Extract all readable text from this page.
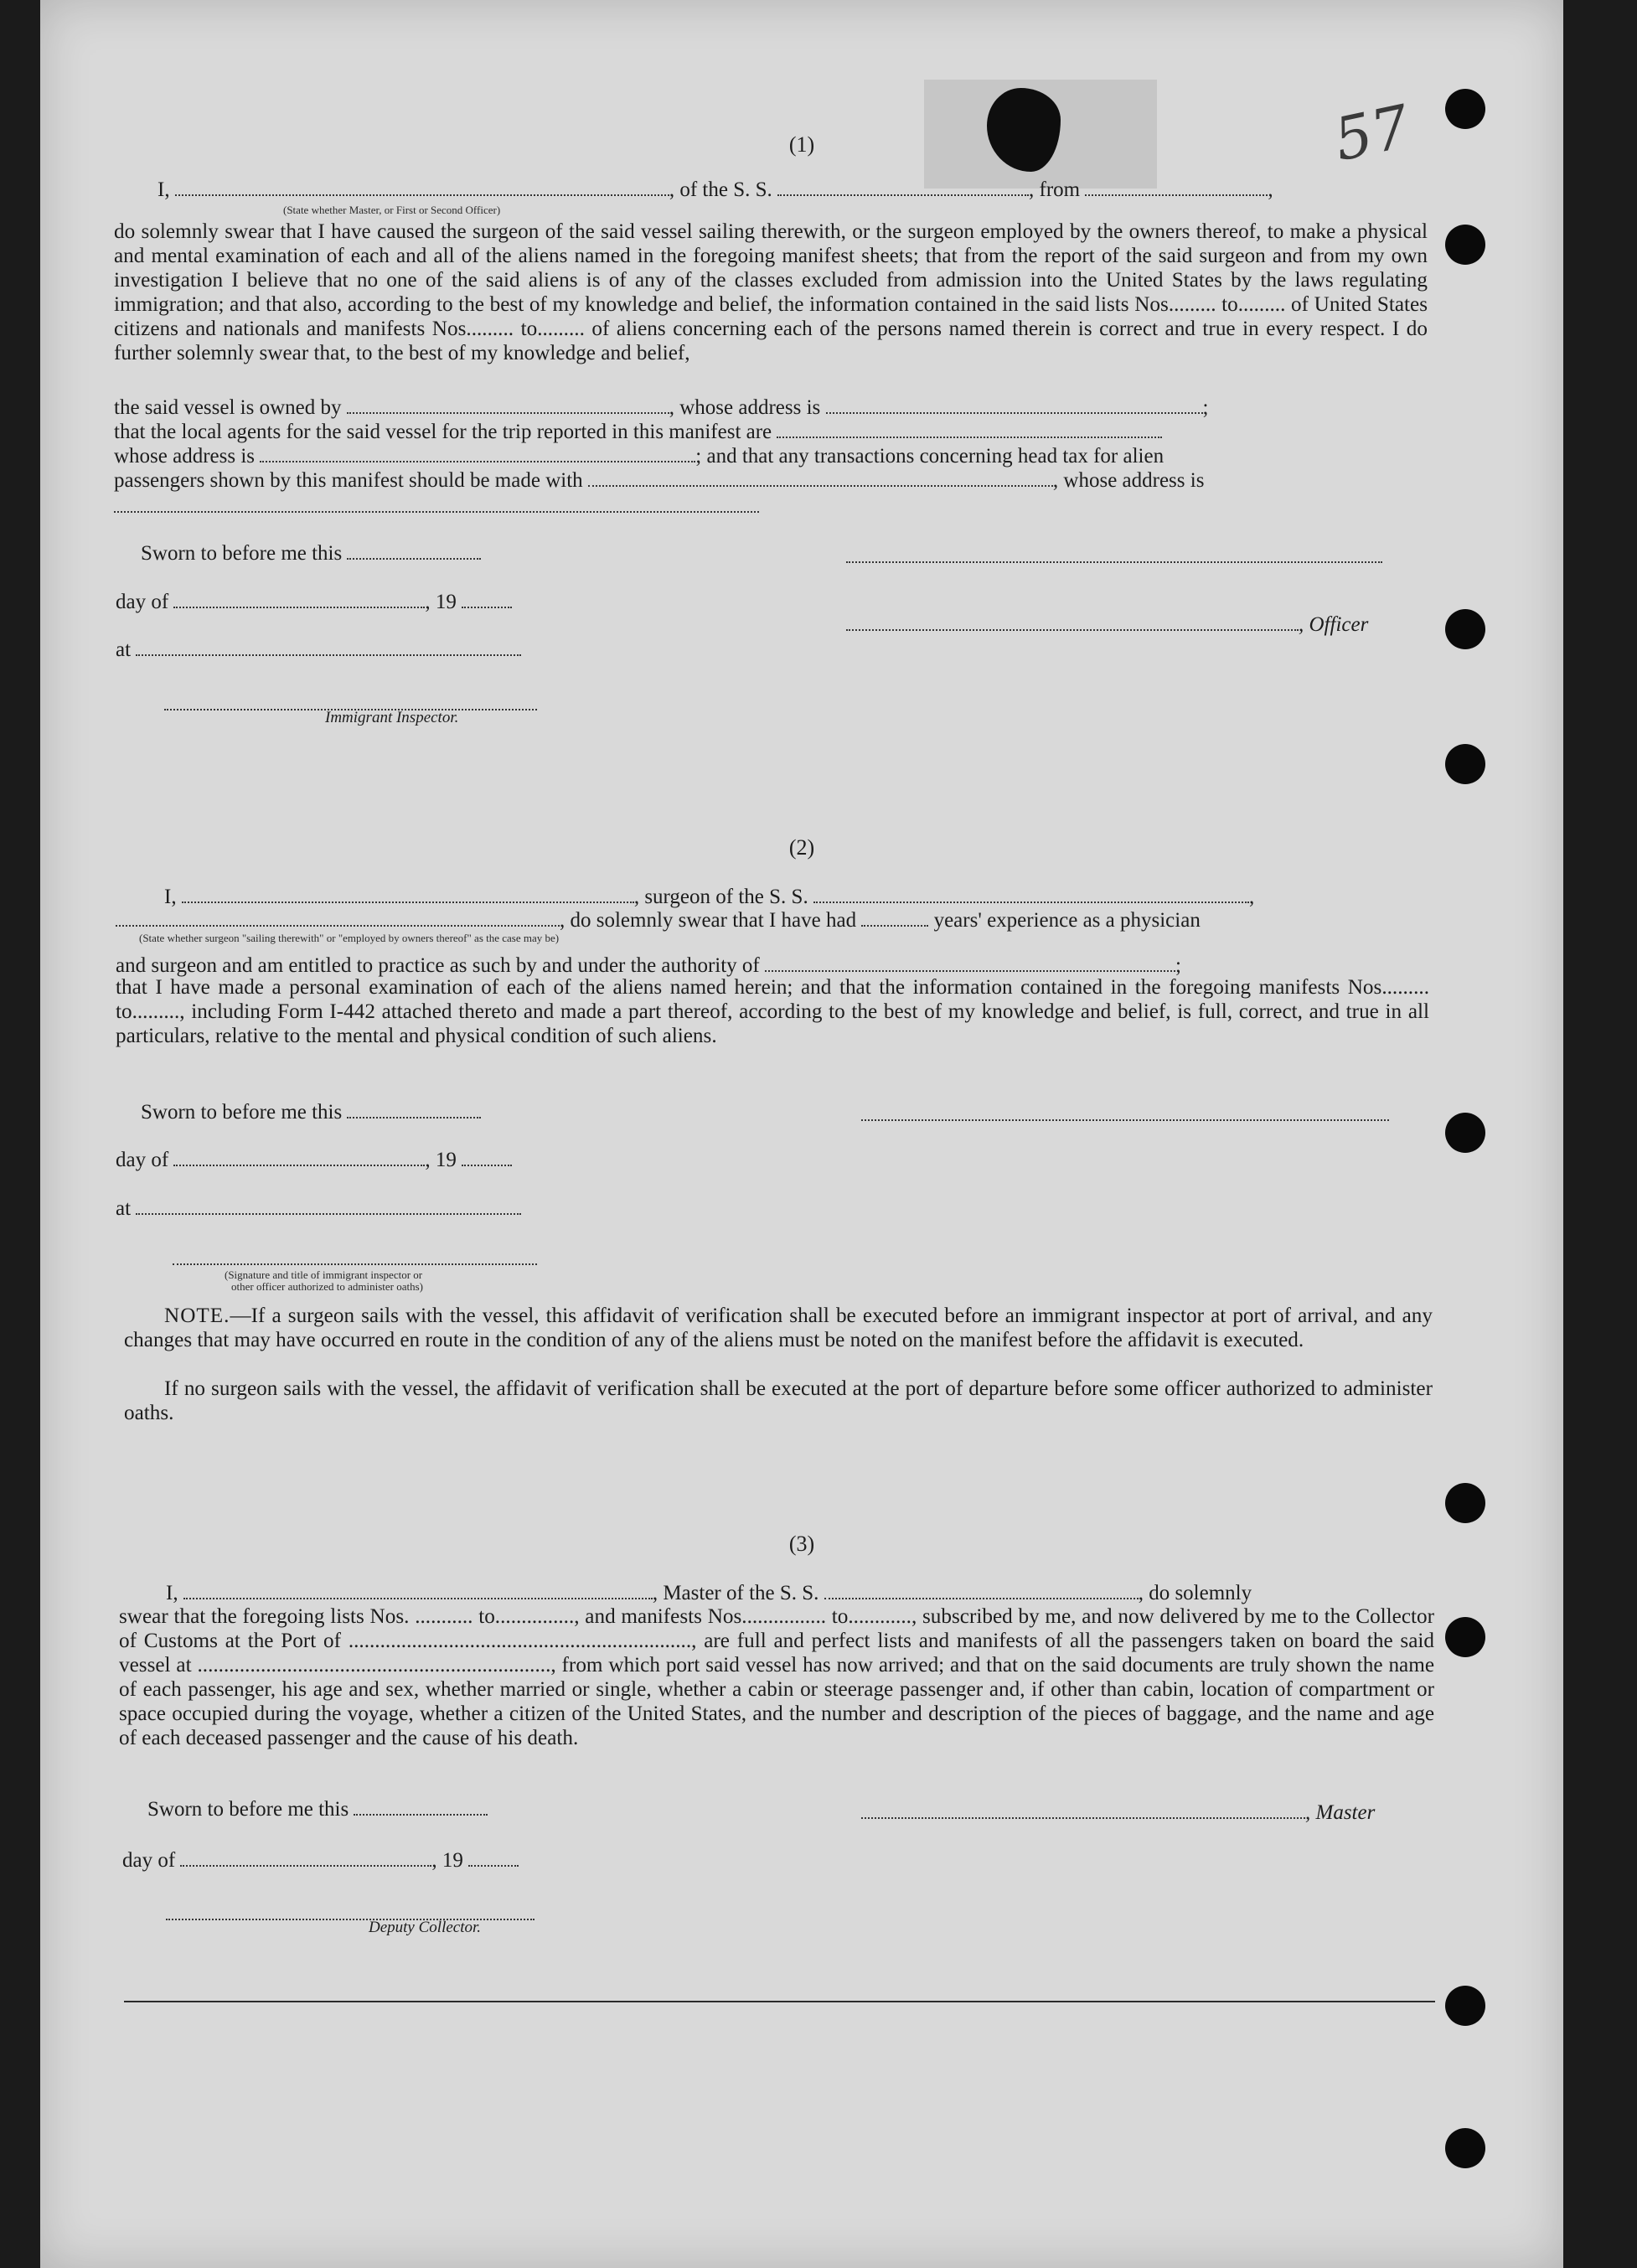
57
(1)
I,	, of the S. S.	, from	,
(State whether Master, or First or Second Officer)
do solemnly swear that I have caused the surgeon of the said vessel sailing therewith, or the surgeon employed by the owners thereof, to make a physical and mental examination of each and all of the aliens named in the foregoing manifest sheets; that from the report of the said surgeon and from my own investigation I believe that no one of the said aliens is of any of the classes excluded from admission into the United States by the laws regulating immigration; and that also, according to the best of my knowledge and belief, the information contained in the said lists Nos......... to......... of United States citizens and nationals and manifests Nos......... to......... of aliens concerning each of the persons named therein is correct and true in every respect. I do further solemnly swear that, to the best of my knowledge and belief,
the said vessel is owned by	, whose address is	;
that the local agents for the said vessel for the trip reported in this manifest are
whose address is	; and that any transactions concerning head tax for alien
passengers shown by this manifest should be made with	, whose address is
Sworn to before me this
day of	, 19
, Officer
at
Immigrant Inspector.
(2)
I,	, surgeon of the S. S.	,
, do solemnly swear that I have had	years' experience as a physician
(State whether surgeon "sailing therewith" or "employed by owners thereof" as the case may be)
and surgeon and am entitled to practice as such by and under the authority of	;
that I have made a personal examination of each of the aliens named herein; and that the information contained in the foregoing manifests Nos......... to........., including Form I-442 attached thereto and made a part thereof, according to the best of my knowledge and belief, is full, correct, and true in all particulars, relative to the mental and physical condition of such aliens.
Sworn to before me this
day of	, 19
at
(Signature and title of immigrant inspector or
other officer authorized to administer oaths)
NOTE.—If a surgeon sails with the vessel, this affidavit of verification shall be executed before an immigrant inspector at port of arrival, and any changes that may have occurred en route in the condition of any of the aliens must be noted on the manifest before the affidavit is executed.
If no surgeon sails with the vessel, the affidavit of verification shall be executed at the port of departure before some officer authorized to administer oaths.
(3)
I,	, Master of the S. S.	, do solemnly
swear that the foregoing lists Nos. ........... to..............., and manifests Nos................ to............, subscribed by me, and now delivered by me to the Collector of Customs at the Port of ................................................................., are full and perfect lists and manifests of all the passengers taken on board the said vessel at ..................................................................., from which port said vessel has now arrived; and that on the said documents are truly shown the name of each passenger, his age and sex, whether married or single, whether a cabin or steerage passenger and, if other than cabin, location of compartment or space occupied during the voyage, whether a citizen of the United States, and the number and description of the pieces of baggage, and the name and age of each deceased passenger and the cause of his death.
Sworn to before me this	, Master
day of	, 19
Deputy Collector.
